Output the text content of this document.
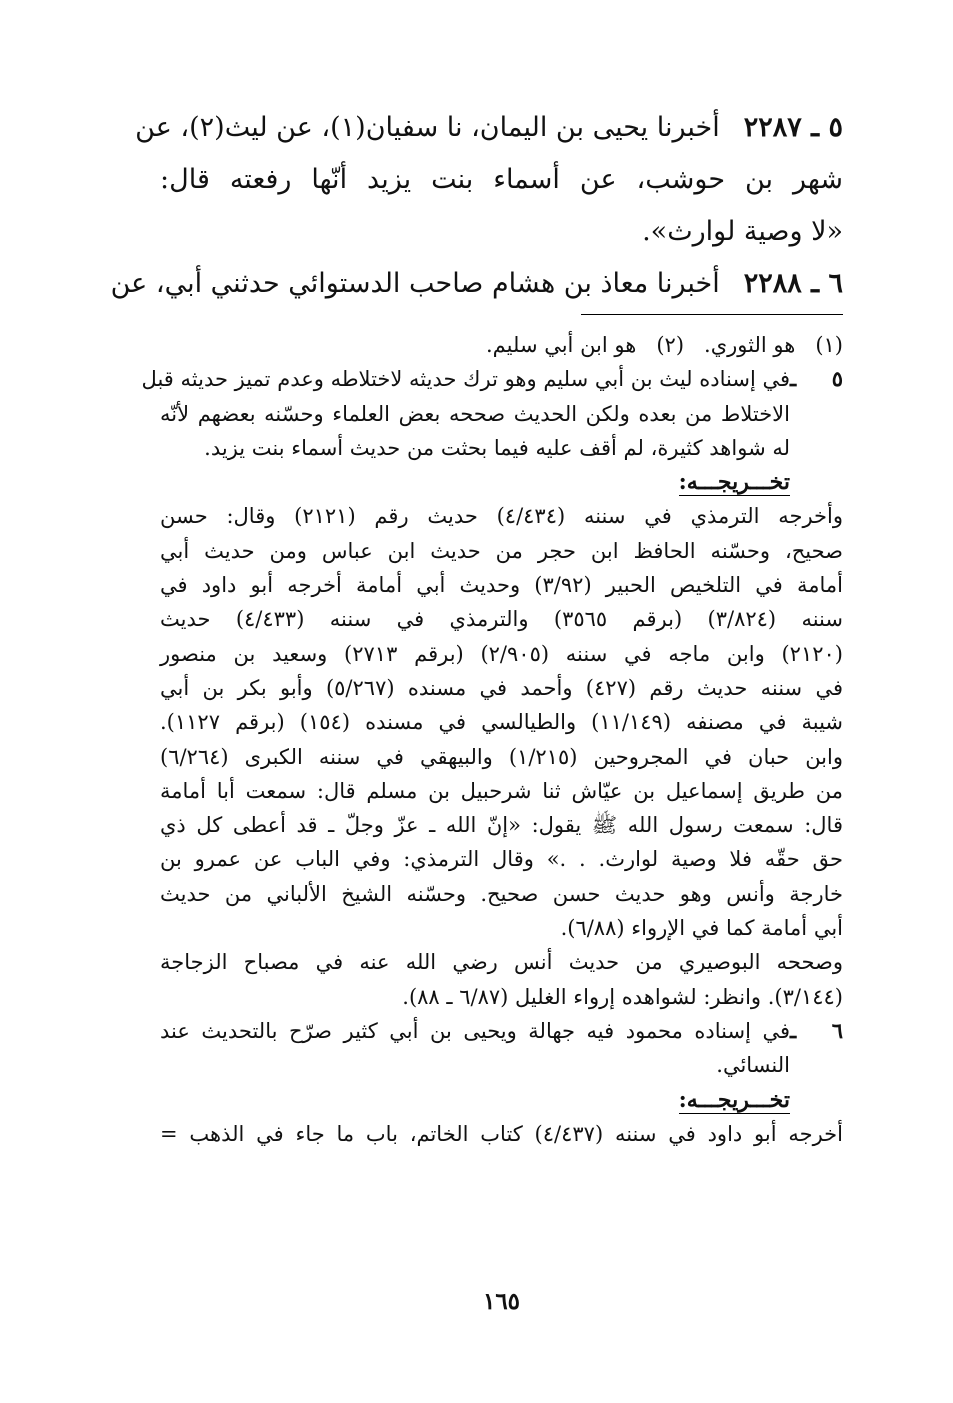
٥ ـ ٢٢٨٧أخبرنا يحيى بن اليمان، نا سفيان(١)، عن ليث(٢)، عن
شهر بن حوشب، عن أسماء بنت يزيد أنّها رفعته قال:
«لا وصية لوارث».
٦ ـ ٢٢٨٨أخبرنا معاذ بن هشام صاحب الدستوائي حدثني أبي، عن
(١)هو الثوري.(٢)هو ابن أبي سليم.
٥ ـفي إسناده ليث بن أبي سليم وهو ترك حديثه لاختلاطه وعدم تميز حديثه قبل
الاختلاط من بعده ولكن الحديث صححه بعض العلماء وحسّنه بعضهم لأنّه
له شواهد كثيرة، لم أقف عليه فيما بحثت من حديث أسماء بنت يزيد.
تخـــريجـــه:
وأخرجه الترمذي في سننه (٤/٤٣٤) حديث رقم (٢١٢١) وقال: حسن
صحيح، وحسّنه الحافظ ابن حجر من حديث ابن عباس ومن حديث أبي
أمامة في التلخيص الحبير (٣/٩٢) وحديث أبي أمامة أخرجه أبو داود في
سننه (٣/٨٢٤) (برقم ٣٥٦٥) والترمذي في سننه (٤/٤٣٣) حديث
(٢١٢٠) وابن ماجه في سننه (٢/٩٠٥) (برقم ٢٧١٣) وسعيد بن منصور
في سننه حديث رقم (٤٢٧) وأحمد في مسنده (٥/٢٦٧) وأبو بكر بن أبي
شيبة في مصنفه (١١/١٤٩) والطيالسي في مسنده (١٥٤) (برقم ١١٢٧).
وابن حبان في المجروحين (١/٢١٥) والبيهقي في سننه الكبرى (٦/٢٦٤)
من طريق إسماعيل بن عيّاش ثنا شرحبيل بن مسلم قال: سمعت أبا أمامة
قال: سمعت رسول الله ﷺ يقول: «إنّ الله ـ عزّ وجلّ ـ قد أعطى كل ذي
حق حقّه فلا وصية لوارث. . .» وقال الترمذي: وفي الباب عن عمرو بن
خارجة وأنس وهو حديث حسن صحيح. وحسّنه الشيخ الألباني من حديث
أبي أمامة كما في الإرواء (٦/٨٨).
وصححه البوصيري من حديث أنس رضي الله عنه في مصباح الزجاجة
(٣/١٤٤). وانظر: لشواهده إرواء الغليل (٦/٨٧ ـ ٨٨).
٦ ـفي إسناده محمود فيه جهالة ويحيى بن أبي كثير صرّح بالتحديث عند
النسائي.
تخـــريجـــه:
أخرجه أبو داود في سننه (٤/٤٣٧) كتاب الخاتم، باب ما جاء في الذهب =
١٦٥
